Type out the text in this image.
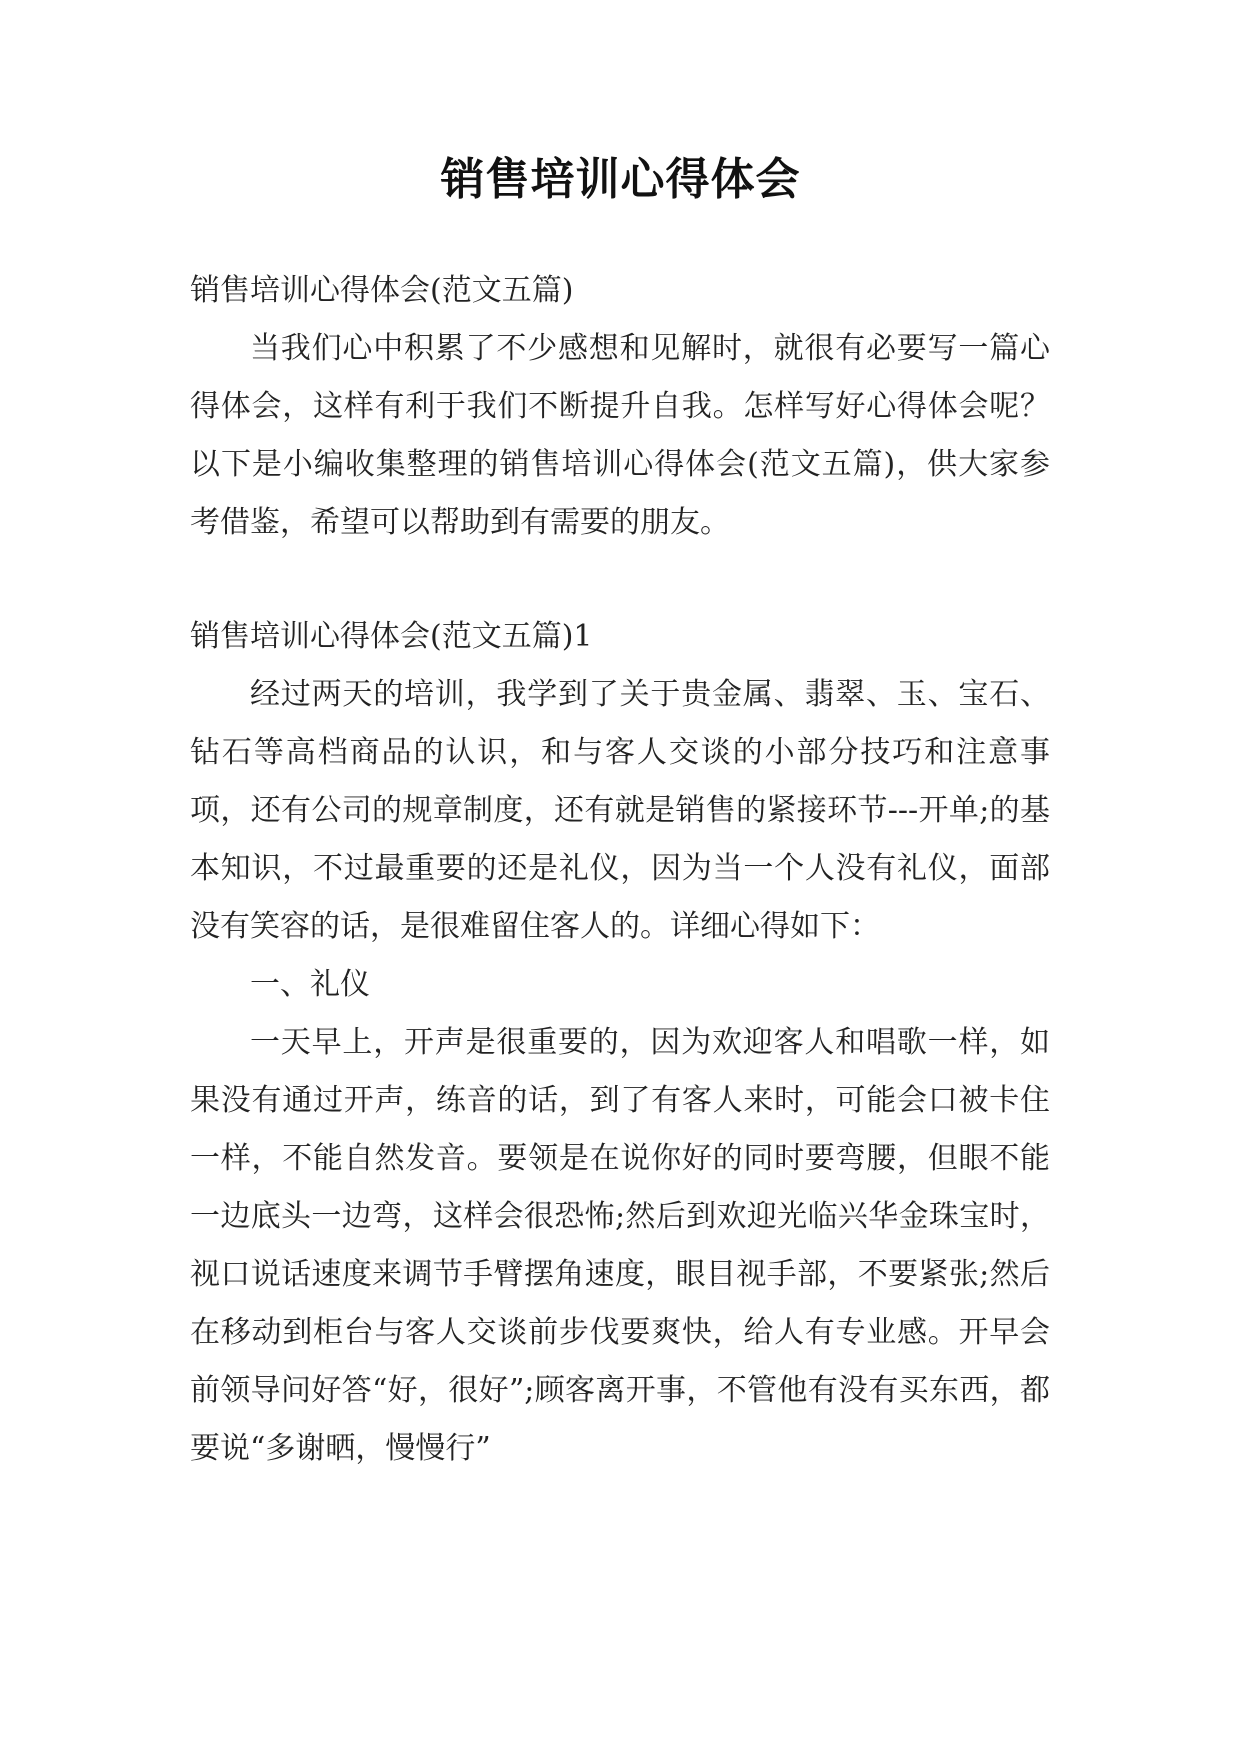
销售培训心得体会

销售培训心得体会(范文五篇)

当我们心中积累了不少感想和见解时，就很有必要写一篇心得体会，这样有利于我们不断提升自我。怎样写好心得体会呢？以下是小编收集整理的销售培训心得体会(范文五篇)，供大家参考借鉴，希望可以帮助到有需要的朋友。

销售培训心得体会(范文五篇)1

经过两天的培训，我学到了关于贵金属、翡翠、玉、宝石、钻石等高档商品的认识，和与客人交谈的小部分技巧和注意事项，还有公司的规章制度，还有就是销售的紧接环节---开单;的基本知识，不过最重要的还是礼仪，因为当一个人没有礼仪，面部没有笑容的话，是很难留住客人的。详细心得如下：

一、礼仪

一天早上，开声是很重要的，因为欢迎客人和唱歌一样，如果没有通过开声，练音的话，到了有客人来时，可能会口被卡住一样，不能自然发音。要领是在说你好的同时要弯腰，但眼不能一边底头一边弯，这样会很恐怖;然后到欢迎光临兴华金珠宝时，视口说话速度来调节手臂摆角速度，眼目视手部，不要紧张;然后在移动到柜台与客人交谈前步伐要爽快，给人有专业感。开早会前领导问好答“好，很好”;顾客离开事，不管他有没有买东西，都要说“多谢晒，慢慢行”
